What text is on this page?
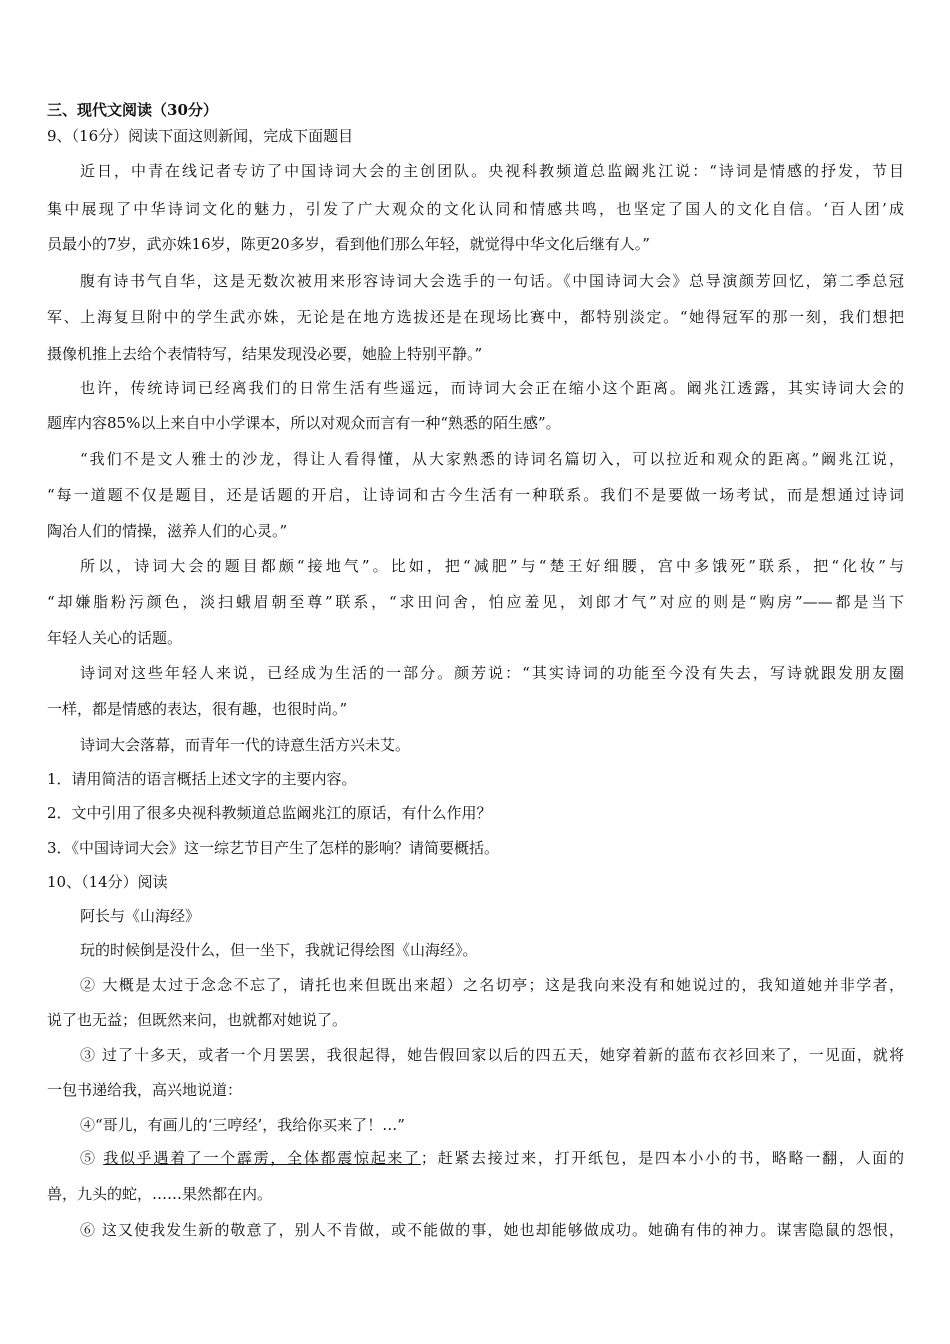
三、现代文阅读（30分）
9、（16分）阅读下面这则新闻，完成下面题目
近日，中青在线记者专访了中国诗词大会的主创团队。央视科教频道总监阚兆江说：“诗词是情感的抒发，节目
集中展现了中华诗词文化的魅力，引发了广大观众的文化认同和情感共鸣，也坚定了国人的文化自信。‘百人团’成
员最小的7岁，武亦姝16岁，陈更20多岁，看到他们那么年轻，就觉得中华文化后继有人。”
腹有诗书气自华，这是无数次被用来形容诗词大会选手的一句话。《中国诗词大会》总导演颜芳回忆，第二季总冠
军、上海复旦附中的学生武亦姝，无论是在地方选拔还是在现场比赛中，都特别淡定。“她得冠军的那一刻，我们想把
摄像机推上去给个表情特写，结果发现没必要，她脸上特别平静。”
也许，传统诗词已经离我们的日常生活有些遥远，而诗词大会正在缩小这个距离。阚兆江透露，其实诗词大会的
题库内容85%以上来自中小学课本，所以对观众而言有一种“熟悉的陌生感”。
“我们不是文人雅士的沙龙，得让人看得懂，从大家熟悉的诗词名篇切入，可以拉近和观众的距离。”阚兆江说，
“每一道题不仅是题目，还是话题的开启，让诗词和古今生活有一种联系。我们不是要做一场考试，而是想通过诗词
陶冶人们的情操，滋养人们的心灵。”
所以，诗词大会的题目都颇“接地气”。比如，把“减肥”与“楚王好细腰，宫中多饿死”联系，把“化妆”与
“却嫌脂粉污颜色，淡扫蛾眉朝至尊”联系，“求田问舍，怕应羞见，刘郎才气”对应的则是“购房”——都是当下
年轻人关心的话题。
诗词对这些年轻人来说，已经成为生活的一部分。颜芳说：“其实诗词的功能至今没有失去，写诗就跟发朋友圈
一样，都是情感的表达，很有趣，也很时尚。”
诗词大会落幕，而青年一代的诗意生活方兴未艾。
1．请用简洁的语言概括上述文字的主要内容。
2．文中引用了很多央视科教频道总监阚兆江的原话，有什么作用？
3．《中国诗词大会》这一综艺节目产生了怎样的影响？请简要概括。
10、（14分）阅读
阿长与《山海经》
玩的时候倒是没什么，但一坐下，我就记得绘图《山海经》。
② 大概是太过于念念不忘了，请托也来但既出来超）之名切亭；这是我向来没有和她说过的，我知道她并非学者，
说了也无益；但既然来问，也就都对她说了。
③ 过了十多天，或者一个月罢罢，我很起得，她告假回家以后的四五天，她穿着新的蓝布衣衫回来了，一见面，就将
一包书递给我，高兴地说道：
④“哥儿，有画儿的‘三哼经’，我给你买来了！…”
⑤ 我似乎遇着了一个霹雳，全体都震惊起来了；赶紧去接过来，打开纸包，是四本小小的书，略略一翻，人面的
兽，九头的蛇，……果然都在内。
⑥ 这又使我发生新的敬意了，别人不肯做，或不能做的事，她也却能够做成功。她确有伟的神力。谋害隐鼠的怨恨，
